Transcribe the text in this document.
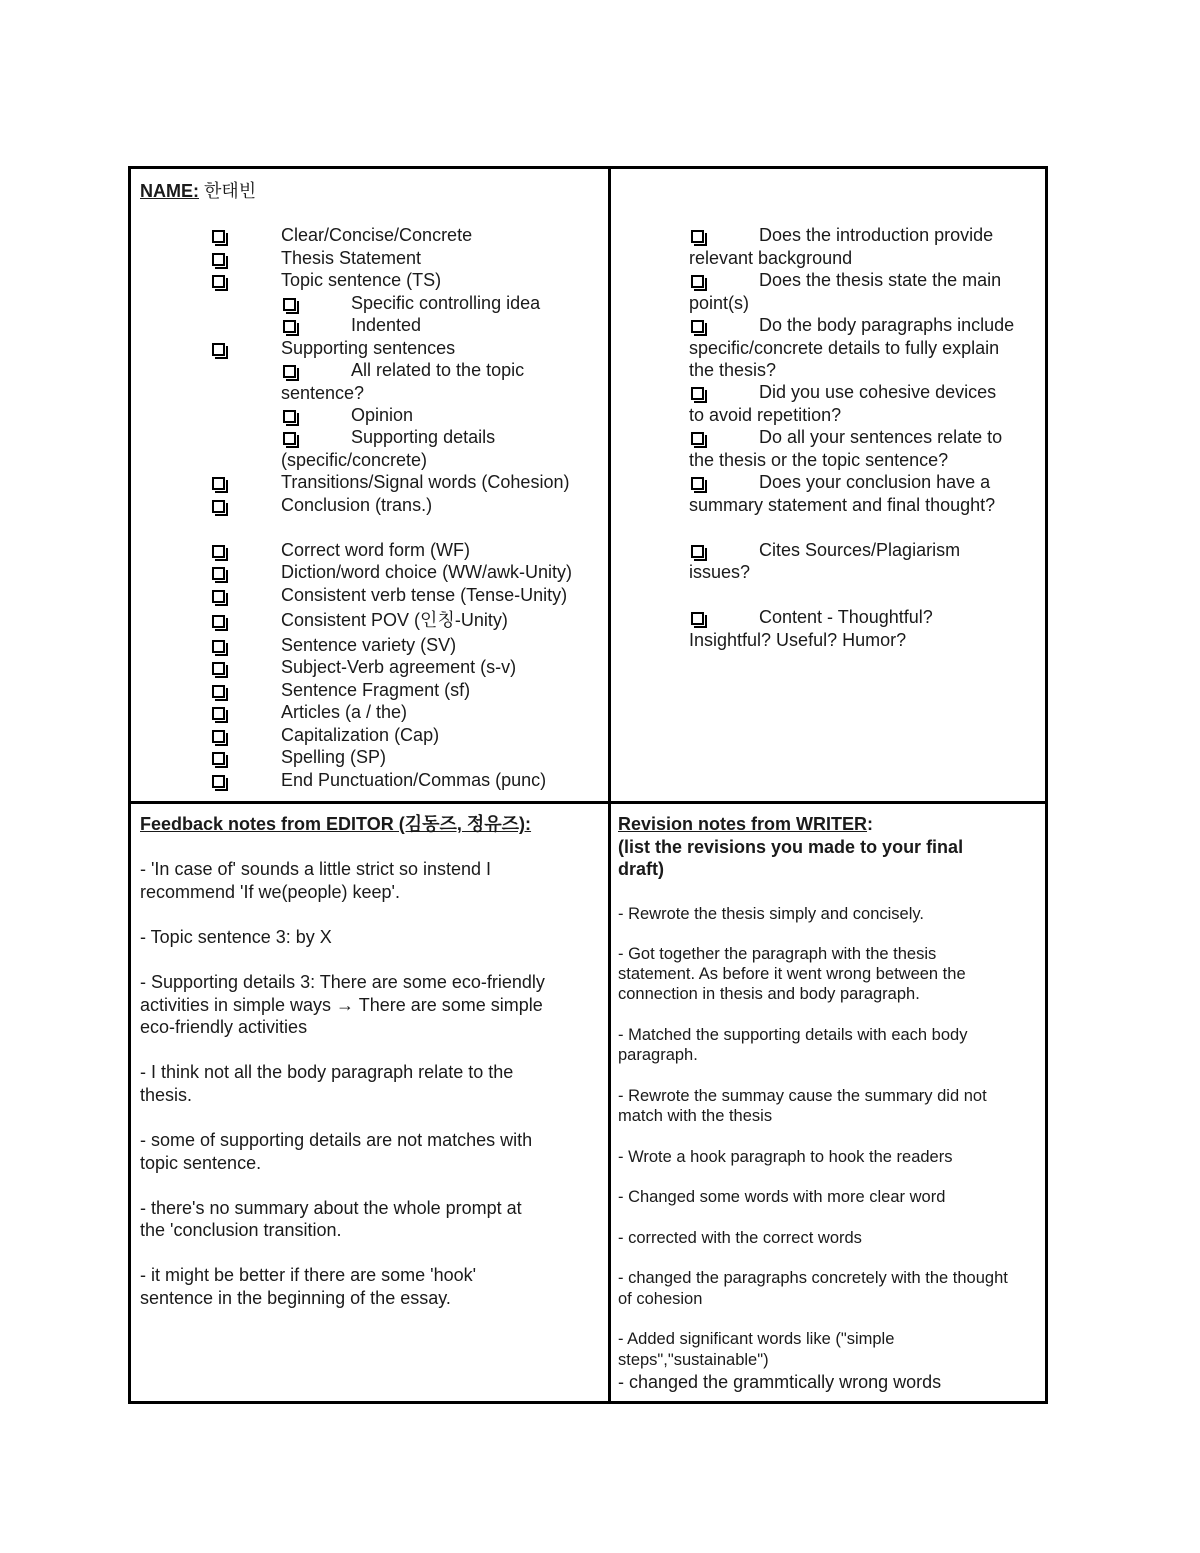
NAME: 한태빈
Clear/Concise/Concrete
Thesis Statement
Topic sentence (TS)
Specific controlling idea
Indented
Supporting sentences
All related to the topic
sentence?
Opinion
Supporting details
(specific/concrete)
Transitions/Signal words (Cohesion)
Conclusion (trans.)
Correct word form (WF)
Diction/word choice (WW/awk-Unity)
Consistent verb tense (Tense-Unity)
Consistent POV (인칭-Unity)
Sentence variety (SV)
Subject-Verb agreement (s-v)
Sentence Fragment (sf)
Articles (a / the)
Capitalization (Cap)
Spelling (SP)
End Punctuation/Commas (punc)
Does the introduction provide
relevant background
Does the thesis state the main
point(s)
Do the body paragraphs include
specific/concrete details to fully explain
the thesis?
Did you use cohesive devices
to avoid repetition?
Do all your sentences relate to
the thesis or the topic sentence?
Does your conclusion have a
summary statement and final thought?
Cites Sources/Plagiarism
issues?
Content - Thoughtful?
Insightful? Useful? Humor?
Feedback notes from EDITOR (김동즈, 정유즈):
- 'In case of' sounds a little strict so instend I
recommend 'If we(people) keep'.
- Topic sentence 3: by X
- Supporting details 3: There are some eco-friendly
activities in simple ways → There are some simple
eco-friendly activities
- I think not all the body paragraph relate to the
thesis.
- some of supporting details are not matches with
topic sentence.
- there's no summary about the whole prompt at
the 'conclusion transition.
- it might be better if there are some 'hook'
sentence in the beginning of the essay.
Revision notes from WRITER:
(list the revisions you made to your final
draft)
- Rewrote the thesis simply and concisely.
- Got together the paragraph with the thesis
statement. As before it went wrong between the
connection in thesis and body paragraph.
- Matched the supporting details with each body
paragraph.
- Rewrote the summay cause the summary did not
match with the thesis
- Wrote a hook paragraph to hook the readers
- Changed some words with more clear word
- corrected with the correct words
- changed the paragraphs concretely with the thought
of cohesion
- Added significant words like ("simple
steps","sustainable")
- changed the grammtically wrong words
